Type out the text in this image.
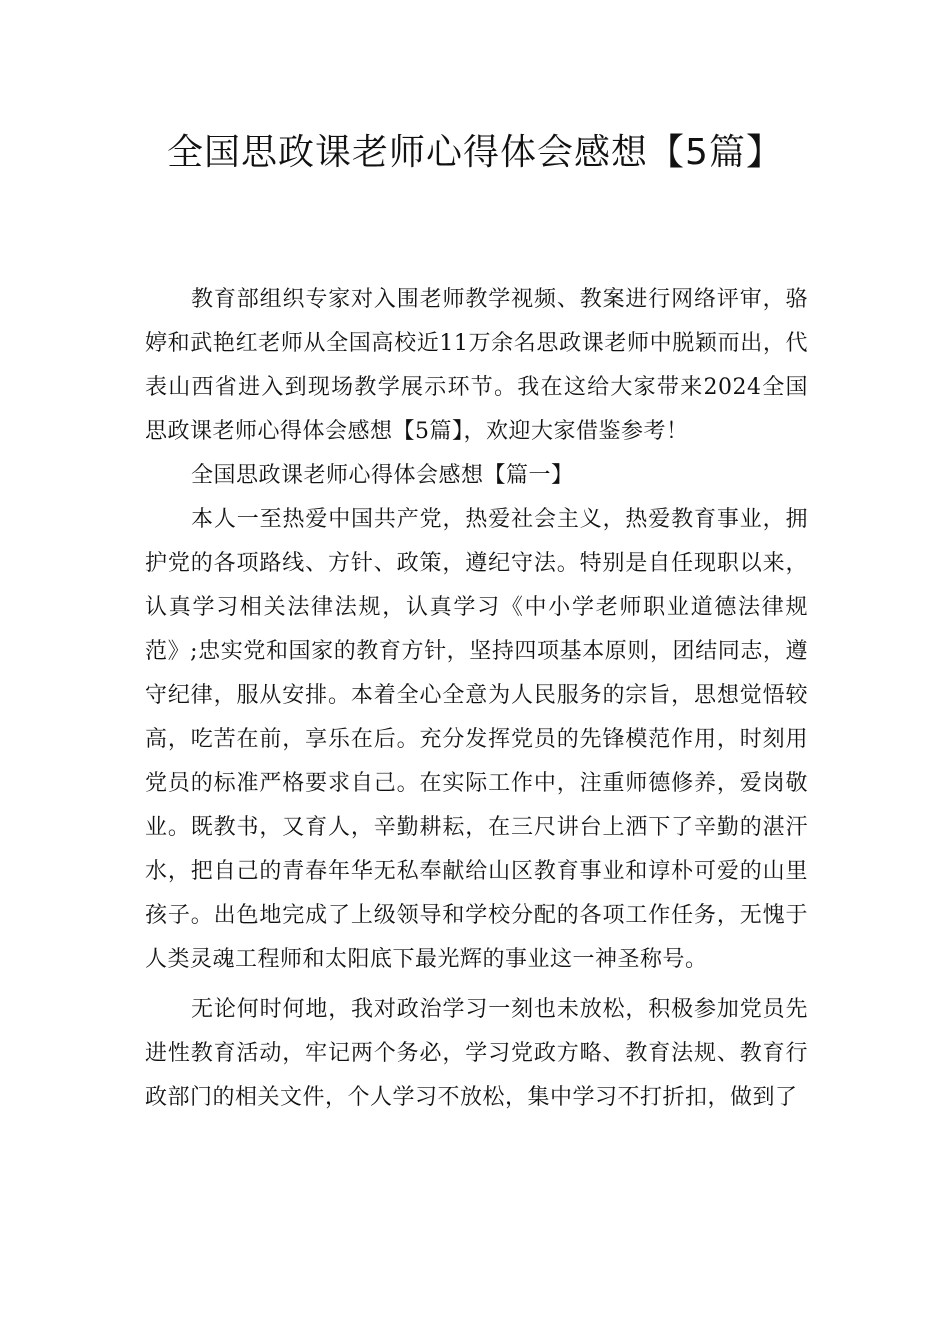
全国思政课老师心得体会感想【5篇】

教育部组织专家对入围老师教学视频、教案进行网络评审，骆婷和武艳红老师从全国高校近11万余名思政课老师中脱颖而出，代表山西省进入到现场教学展示环节。我在这给大家带来2024全国思政课老师心得体会感想【5篇】，欢迎大家借鉴参考！

全国思政课老师心得体会感想【篇一】

本人一至热爱中国共产党，热爱社会主义，热爱教育事业，拥护党的各项路线、方针、政策，遵纪守法。特别是自任现职以来，认真学习相关法律法规，认真学习《中小学老师职业道德法律规范》;忠实党和国家的教育方针，坚持四项基本原则，团结同志，遵守纪律，服从安排。本着全心全意为人民服务的宗旨，思想觉悟较高，吃苦在前，享乐在后。充分发挥党员的先锋模范作用，时刻用党员的标准严格要求自己。在实际工作中，注重师德修养，爱岗敬业。既教书，又育人，辛勤耕耘，在三尺讲台上洒下了辛勤的湛汗水，把自己的青春年华无私奉献给山区教育事业和谆朴可爱的山里孩子。出色地完成了上级领导和学校分配的各项工作任务，无愧于人类灵魂工程师和太阳底下最光辉的事业这一神圣称号。

无论何时何地，我对政治学习一刻也未放松，积极参加党员先进性教育活动，牢记两个务必，学习党政方略、教育法规、教育行政部门的相关文件，个人学习不放松，集中学习不打折扣，做到了
